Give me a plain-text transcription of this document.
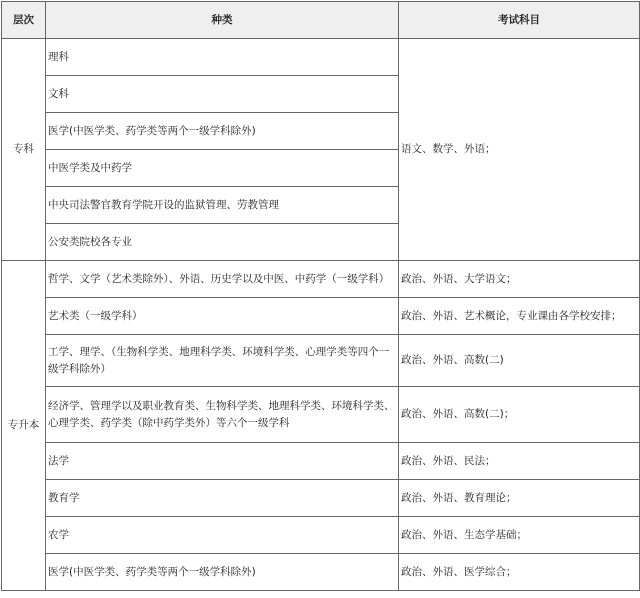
层次	种类	考试科目
专科	理科	语文、数学、外语；
	文科	
	医学(中医学类、药学类等两个一级学科除外)	
	中医学类及中药学	
	中央司法警官教育学院开设的监狱管理、劳教管理	
	公安类院校各专业	
专升本	哲学、文学（艺术类除外）、外语、历史学以及中医、中药学（一级学科）	政治、外语、大学语文；
	艺术类（一级学科）	政治、外语、艺术概论，专业课由各学校安排；
	工学、理学、（生物科学类、地理科学类、环境科学类、心理学类等四个一级学科除外）	政治、外语、高数(二)
	经济学、管理学以及职业教育类、生物科学类、地理科学类、环境科学类、心理学类、药学类（除中药学类外）等六个一级学科	政治、外语、高数(二)；
	法学	政治、外语、民法；
	教育学	政治、外语、教育理论；
	农学	政治、外语、生态学基础；
	医学(中医学类、药学类等两个一级学科除外)	政治、外语、医学综合；
